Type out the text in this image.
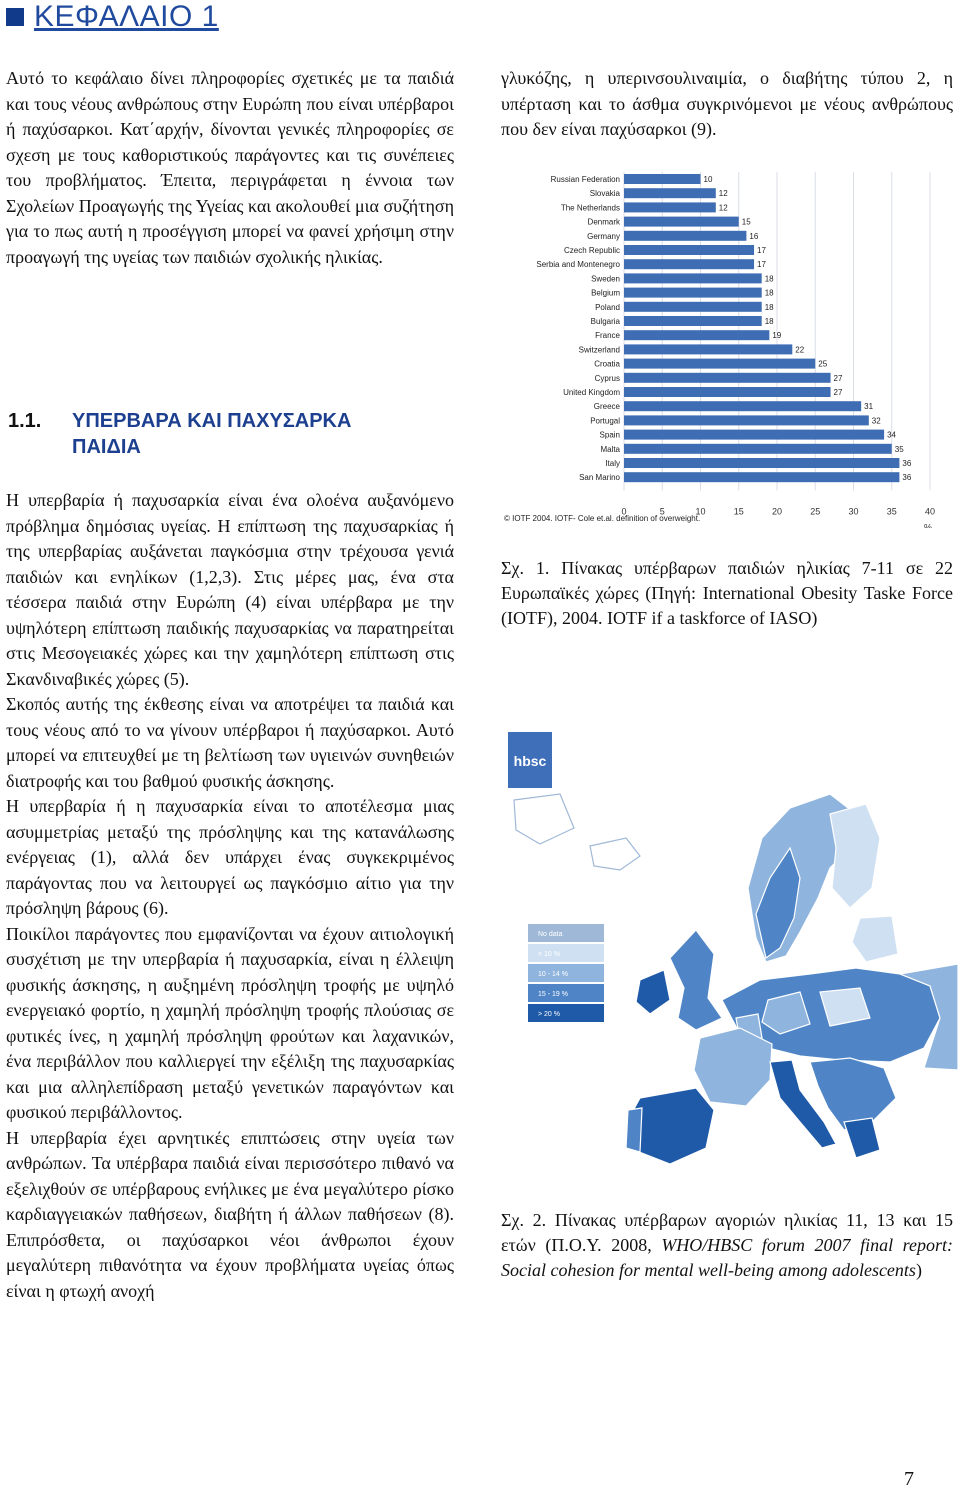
ΚΕΦΑΛΑΙΟ 1

Αυτό το κεφάλαιο δίνει πληροφορίες σχετικές με τα παιδιά και τους νέους ανθρώπους στην Ευρώπη που είναι υπέρβαροι ή παχύσαρκοι. Κατ΄αρχήν, δίνονται γενικές πληροφορίες σε σχεση με τους καθοριστικούς παράγοντες και τις συνέπειες του προβλήματος. Έπειτα, περιγράφεται η έννοια των Σχολείων Προαγωγής της Υγείας και ακολουθεί μια συζήτηση για το πως αυτή η προσέγγιση μπορεί να φανεί χρήσιμη στην προαγωγή της υγείας των παιδιών σχολικής ηλικίας.

1.1. ΥΠΕΡΒΑΡΑ ΚΑΙ ΠΑΧΥΣΑΡΚΑ
ΠΑΙΔΙΑ

Η υπερβαρία ή παχυσαρκία είναι ένα ολοένα αυξανόμενο πρόβλημα δημόσιας υγείας. Η επίπτωση της παχυσαρκίας ή της υπερβαρίας αυξάνεται παγκόσμια στην τρέχουσα γενιά παιδιών και ενηλίκων (1,2,3). Στις μέρες μας, ένα στα τέσσερα παιδιά στην Ευρώπη (4) είναι υπέρβαρα με την υψηλότερη επίπτωση παιδικής παχυσαρκίας να παρατηρείται στις Μεσογειακές χώρες και την χαμηλότερη επίπτωση στις Σκανδιναβικές χώρες (5).

Σκοπός αυτής της έκθεσης είναι να αποτρέψει τα παιδιά και τους νέους από το να γίνουν υπέρβαροι ή παχύσαρκοι. Αυτό μπορεί να επιτευχθεί με τη βελτίωση των υγιεινών συνηθειών διατροφής και του βαθμού φυσικής άσκησης.

Η υπερβαρία ή η παχυσαρκία είναι το αποτέλεσμα μιας ασυμμετρίας μεταξύ της πρόσληψης και της κατανάλωσης ενέργειας (1), αλλά δεν υπάρχει ένας συγκεκριμένος παράγοντας που να λειτουργεί ως παγκόσμιο αίτιο για την πρόσληψη βάρους (6).

Ποικίλοι παράγοντες που εμφανίζονται να έχουν αιτιολογική συσχέτιση με την υπερβαρία ή παχυσαρκία, είναι η έλλειψη φυσικής άσκησης, η αυξημένη πρόσληψη τροφής με υψηλό ενεργειακό φορτίο, η χαμηλή πρόσληψη τροφής πλούσιας σε φυτικές ίνες, η χαμηλή πρόσληψη φρούτων και λαχανικών, ένα περιβάλλον που καλλιεργεί την εξέλιξη της παχυσαρκίας και μια αλληλεπίδραση μεταξύ γενετικών παραγόντων και φυσικού περιβάλλοντος.

Η υπερβαρία έχει αρνητικές επιπτώσεις στην υγεία των ανθρώπων. Τα υπέρβαρα παιδιά είναι περισσότερο πιθανό να εξελιχθούν σε υπέρβαρους ενήλικες με ένα μεγαλύτερο ρίσκο καρδιαγγειακών παθήσεων, διαβήτη ή άλλων παθήσεων (8). Επιπρόσθετα, οι παχύσαρκοι νέοι άνθρωποι έχουν μεγαλύτερη πιθανότητα να έχουν προβλήματα υγείας όπως είναι η φτωχή ανοχή

γλυκόζης, η υπερινσουλιναιμία, ο διαβήτης τύπου 2, η υπέρταση και το άσθμα συγκρινόμενοι με νέους ανθρώπους που δεν είναι παχύσαρκοι (9).

0	5	10	15	20	25	30	35	40
%
Russian Federation	10
Slovakia	12
The Netherlands	12
Denmark	15
Germany	16
Czech Republic	17
Serbia and Montenegro	17
Sweden	18
Belgium	18
Poland	18
Bulgaria	18
France	19
Switzerland	22
Croatia	25
Cyprus	27
United Kingdom	27
Greece	31
Portugal	32
Spain	34
Malta	35
Italy	36
San Marino	36
© IOTF 2004. IOTF- Cole et.al. definition of overweight.

Σχ. 1. Πίνακας υπέρβαρων παιδιών ηλικίας 7-11 σε 22 Ευρωπαϊκές χώρες (Πηγή: International Obesity Taske Force (IOTF), 2004. IOTF if a taskforce of IASO)

hbsc
No data
< 10 %
10 - 14 %
15 - 19 %
> 20 %

Σχ. 2. Πίνακας υπέρβαρων αγοριών ηλικίας 11, 13 και 15 ετών (Π.Ο.Υ. 2008, WHO/HBSC forum 2007 final report: Social cohesion for mental well-being among adolescents)

7
